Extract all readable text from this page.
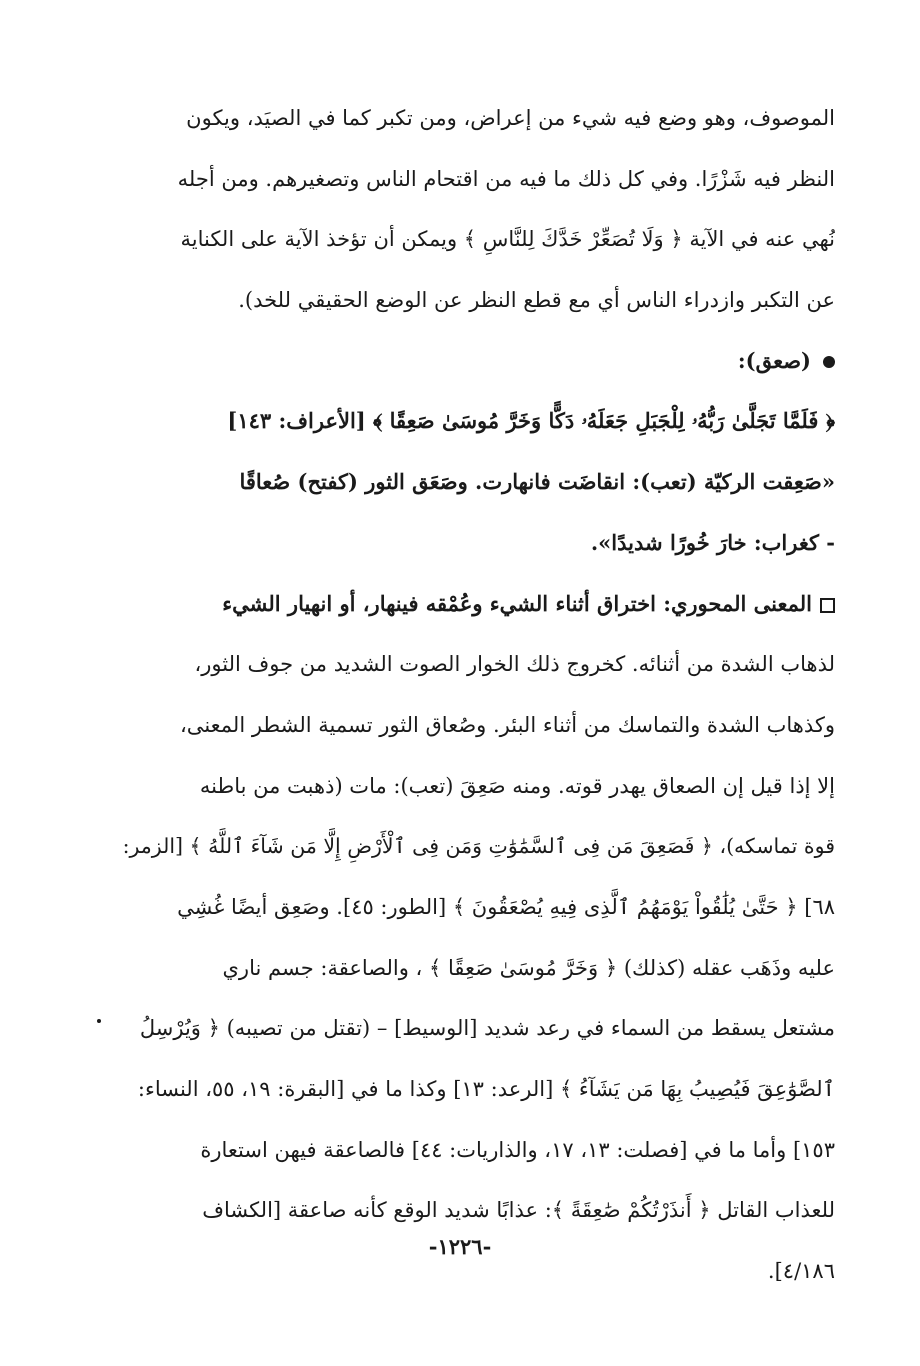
الموصوف، وهو وضع فيه شيء من إعراض، ومن تكبر كما في الصيَد، ويكون
النظر فيه شَزْرًا. وفي كل ذلك ما فيه من اقتحام الناس وتصغيرهم. ومن أجله
نُهي عنه في الآية ﴿ وَلَا تُصَعِّرْ خَدَّكَ لِلنَّاسِ ﴾ ويمكن أن تؤخذ الآية على الكناية
عن التكبر وازدراء الناس أي مع قطع النظر عن الوضع الحقيقي للخد).
(صعق):
﴿ فَلَمَّا تَجَلَّىٰ رَبُّهُۥ لِلْجَبَلِ جَعَلَهُۥ دَكًّا وَخَرَّ مُوسَىٰ صَعِقًا ﴾ [الأعراف: ١٤٣]
«صَعِقت الركيّة (تعب): انقاضَت فانهارت. وصَعَق الثور (كفتح) صُعاقًا
- كغراب: خارَ خُورًا شديدًا».
المعنى المحوري: اختراق أثناء الشيء وعُمْقه فينهار، أو انهيار الشيء
لذهاب الشدة من أثنائه. كخروج ذلك الخوار الصوت الشديد من جوف الثور،
وكذهاب الشدة والتماسك من أثناء البئر. وصُعاق الثور تسمية الشطر المعنى،
إلا إذا قيل إن الصعاق يهدر قوته. ومنه صَعِقَ (تعب): مات (ذهبت من باطنه
قوة تماسكه)، ﴿ فَصَعِقَ مَن فِى ٱلسَّمَٰوَٰتِ وَمَن فِى ٱلْأَرْضِ إِلَّا مَن شَآءَ ٱللَّهُ ﴾ [الزمر:
٦٨] ﴿ حَتَّىٰ يُلَٰقُواْ يَوْمَهُمُ ٱلَّذِى فِيهِ يُصْعَقُونَ ﴾ [الطور: ٤٥]. وصَعِق أيضًا غُشِي
عليه وذَهَب عقله (كذلك) ﴿ وَخَرَّ مُوسَىٰ صَعِقًا ﴾ ، والصاعقة: جسم ناري
مشتعل يسقط من السماء في رعد شديد [الوسيط] – (تقتل من تصيبه) ﴿ وَيُرْسِلُ
ٱلصَّوَٰعِقَ فَيُصِيبُ بِهَا مَن يَشَآءُ ﴾ [الرعد: ١٣] وكذا ما في [البقرة: ١٩، ٥٥، النساء:
١٥٣] وأما ما في [فصلت: ١٣، ١٧، والذاريات: ٤٤] فالصاعقة فيهن استعارة
للعذاب القاتل ﴿ أَنذَرْتُكُمْ صَٰعِقَةً ﴾: عذابًا شديد الوقع كأنه صاعقة [الكشاف
٤/١٨٦].
-١٢٢٦-
